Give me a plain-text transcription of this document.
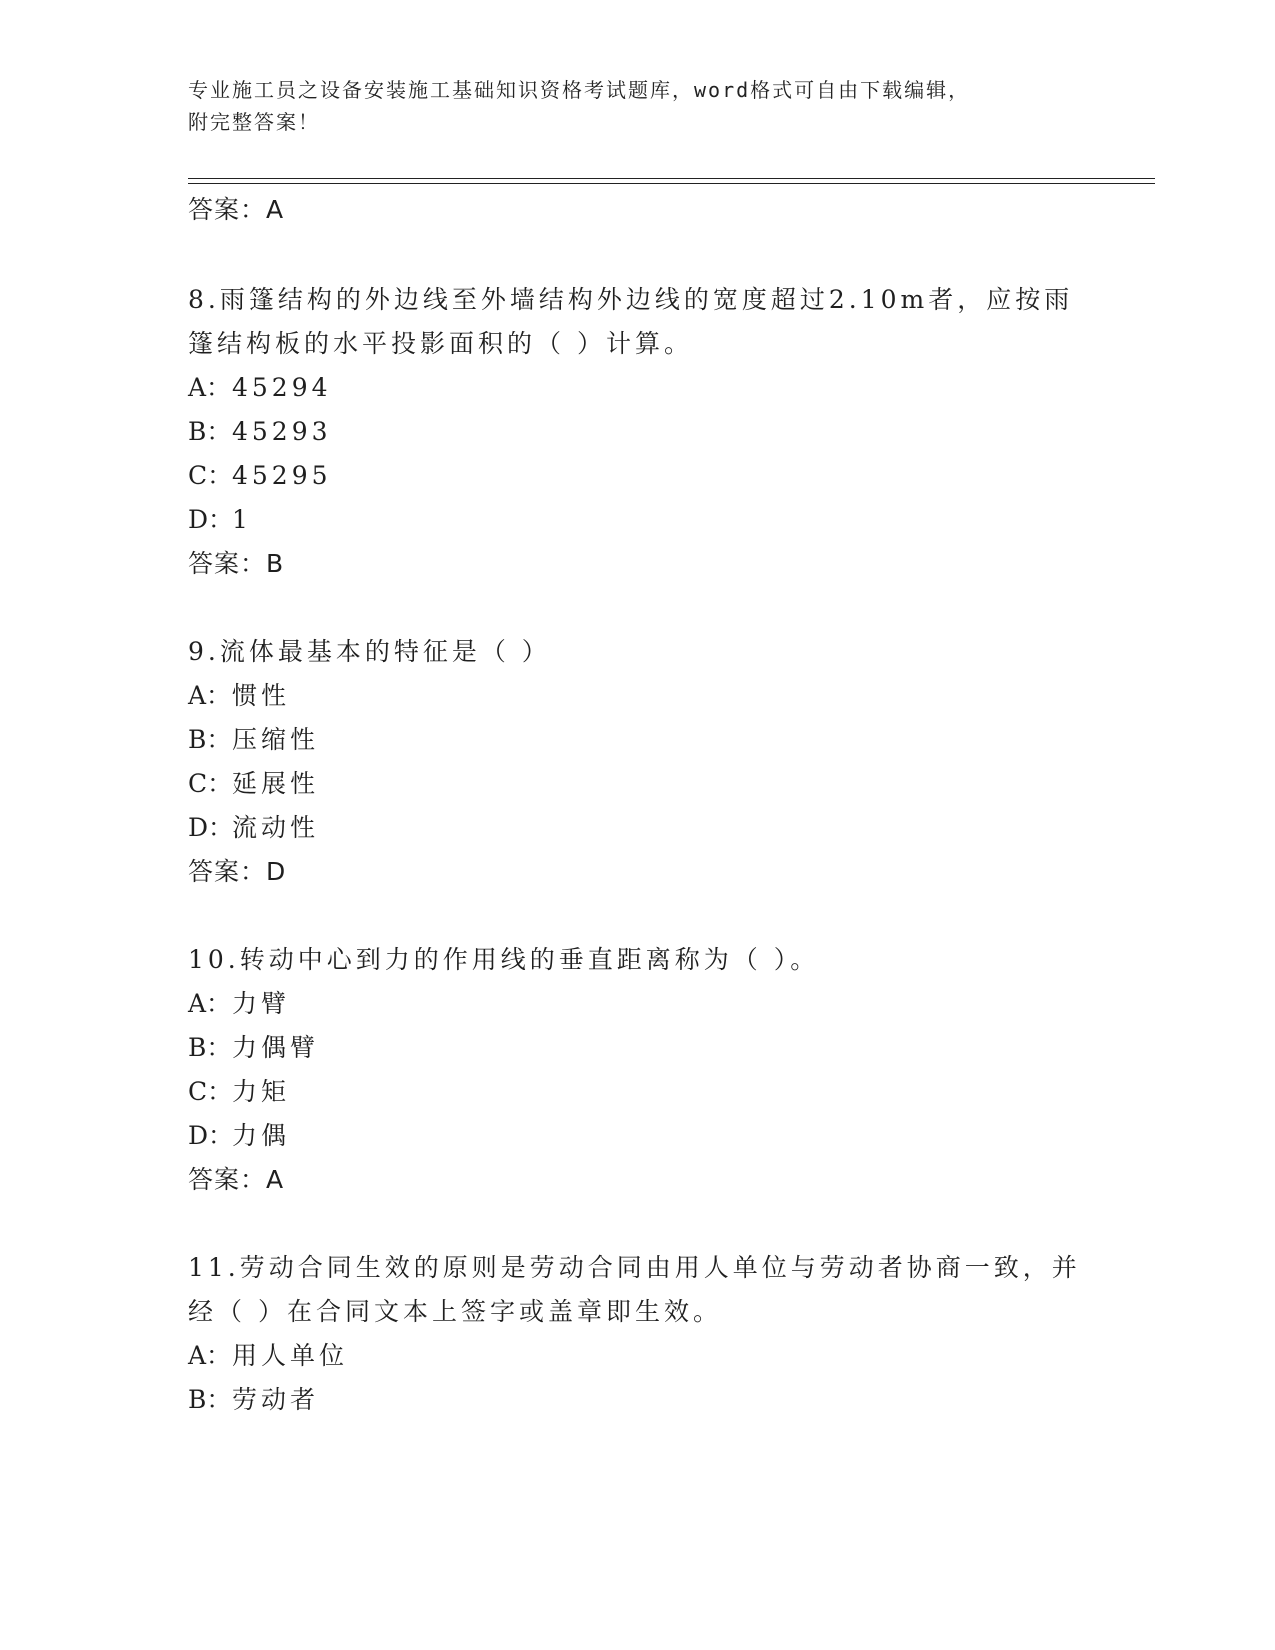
专业施工员之设备安装施工基础知识资格考试题库，word格式可自由下载编辑，
附完整答案！
答案：A
8.雨篷结构的外边线至外墙结构外边线的宽度超过2.10m者，应按雨
篷结构板的水平投影面积的（ ）计算。
A：45294
B：45293
C：45295
D：1
答案：B
9.流体最基本的特征是（ ）
A：惯性
B：压缩性
C：延展性
D：流动性
答案：D
10.转动中心到力的作用线的垂直距离称为（ ）。
A：力臂
B：力偶臂
C：力矩
D：力偶
答案：A
11.劳动合同生效的原则是劳动合同由用人单位与劳动者协商一致，并
经（ ）在合同文本上签字或盖章即生效。
A：用人单位
B：劳动者
